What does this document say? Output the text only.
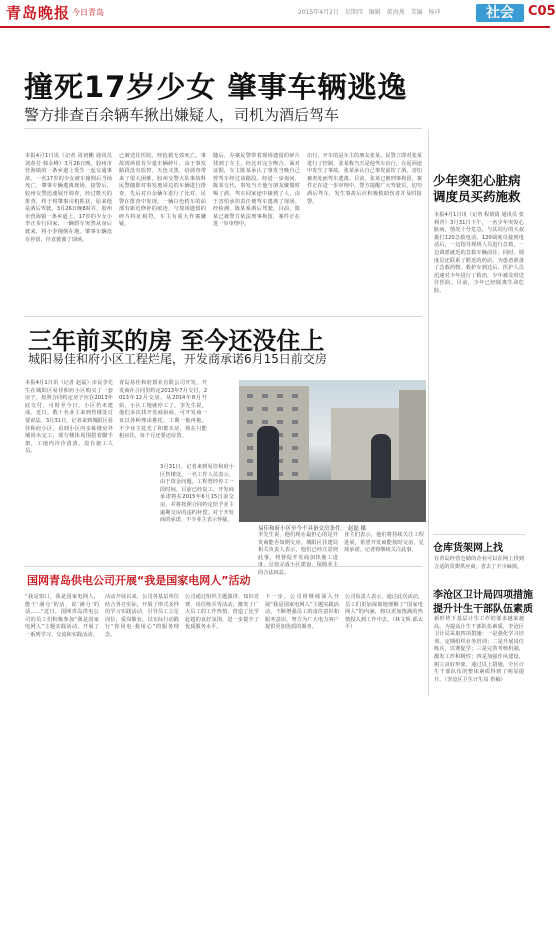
青岛晚报 今日青岛	2015年4月2日 星期四 编辑 董海燕 美编 杨冲	社会	C05
撞死17岁少女 肇事车辆逃逸
警方排查百余辆车揪出嫌疑人，司机为酒后驾车
本报4月1日讯（记者 周初鹏 通讯员 刘春芳 韩永峰）3月26日晚，胶州市营海镇的一条乡道上发生一起交通事故，一名17岁的少女被车撞倒后当场死亡，肇事车辆逃离现场。接警后，胶州交警迅速展开调查，经过数天的排查，终于将肇事司机抓获，原来他是酒后驾驶。3月26日晚8时许，胶州市营海镇一条乡道上，17岁的少女小李正步行回家，一辆轿车突然从身后驶来，将小李撞倒在地。肇事车辆没有停留，径直驶离了现场。
已被送往医院，经抢救无效死亡。事故现场留有少量车辆碎片，由于事发路段没有监控，天色又黑，给调查带来了很大困难。胶州交警大队事故科民警随即对事发地周边的车辆进行排查，先后对百余辆车进行了比对。民警在排查中发现，一辆白色轿车的前部有新近修补的痕迹，与现场遗留的碎片特征相符，车主有重大作案嫌疑。
随后，办案民警带着现场遗留的碎片找到了车主，经比对完全吻合。面对证据，车主陈某承认了事发当晚自己曾驾车经过该路段。经进一步询问，陈某交代，事发当天他与朋友聚餐时喝了酒，驾车回家途中撞到了人，由于害怕承担责任便驾车逃离了现场。经检测，陈某系酒后驾驶。目前，陈某已被警方依法刑事拘留，案件正在进一步审理中。
出行，开车的是车主的朋友张某。民警立即对张某进行了控制，张某称当天是他驾车出行，在返回途中发生了事故。张某承认自己事发前饮了酒，害怕被查处而驾车逃离。目前，张某已被刑事拘留，案件正在进一步审理中。警方提醒广大驾驶员，切勿酒后驾车，发生事故后应积极救助伤者并及时报警。
三年前买的房 至今还没住上
城阳易佳和府小区工程烂尾，开发商承诺6月15日前交房
本报4月1日讯（记者 赵磊）市民李先生在城阳区易佳和府小区购买了一套房子，按照合同约定房子应在2013年底交付，可时至今日，小区仍未建成。近日，数十名业主来到售楼处讨要说法。3月31日，记者来到城阳区易佳和府小区，看到小区内多栋楼房外墙尚未完工，部分楼体周围搭着脚手架，工地内冷冷清清，没有施工人员。
青岛易佳和府置业有限公司开发，开发商在合同里约定2013年7月交付，2013年12月交房。从2014年8月开始，小区工地就停工了。李先生说，他们多次找开发商协商，可开发商一直以各种理由推托，工期一拖再拖。不少业主花光了积蓄买房，现在只能租房住，每个月还要还房贷。
3月31日，记者来到易佳和府小区售楼处，一名工作人员表示，由于资金问题，工程曾经停工一段时间，目前已经复工，开发商承诺将在2015年6月15日前交房，并将按照合同约定给予业主逾期交房的违约补偿。对于开发商的承诺，不少业主表示怀疑。
李先生说，他们现在最担心的是开发商能否如期交房。城阳区住建局相关负责人表示，他们已经注意到此事，将督促开发商加快施工进 的合法权益。
业主们表示，他们将持续关注工程进展，希望开发商能按时交房，兑现承诺。记者将继续关注此事。
易佳和府小区至今不具备交房条件。 赵磊 摄
国网青岛供电公司开展“我是国家电网人”活动
“我是窗口，我是国家电网人，能干‘满分’的活，说‘满分’的话……”近日，国网青岛供电公司的员工们积极参加“我是国家电网人”主题实践活动，开展了一系列学习、交流和实践活动。
活动开展以来，公司各基层单位结合各自实际，开展了形式多样的学习实践活动，引导员工立足岗位，爱岗敬业，以实际行动践行“你用电·我用心”的服务理念。
公司通过组织主题演讲、知识竞赛、岗位练兵等活动，激发了广大员工的工作热情，营造了比学赶超的良好氛围，进一步提升了优质服务水平。
下一步，公司将继续深入开展“我是国家电网人”主题实践活动，不断增强员工的责任意识和服务意识，努力为广大电力客户提供更加优质的服务。
公司负责人表示，通过此次活动，员工们更加深刻地理解了“国家电网人”的内涵，将以更加饱满的热情投入到工作中去。（林文辉 邱太平）
少年突犯心脏病
调度员买药施救
本报4月1日讯（记者 程倩倩 通讯员 张利青）3月31日下午，一名少年突发心脏病，情况十分危急，与其同行的大叔拨打120急救电话。120调度员接到电话后，一边指导现场人员进行急救，一边调派就近的急救车辆前往。同时，调度员还联系了附近的药店，为患者准备了急救药物。救护车到达后，医护人员迅速对少年进行了救治，少年被及时送往医院。目前，少年已经脱离生命危险。
仓库货架网上找
在青岛经营仓储的企业可以在网上找到合适的货架供应商，省去了不少麻烦。
李沧区卫计局四项措施
提升计生干部队伍素质
新形势下基层计生工作的要求越来越高，为提高计生干部队伍素质，李沧区卫计局采取四项措施：一是强化学习培训，定期组织业务培训；二是开展岗位练兵，以赛促学；三是完善考核机制，激发工作积极性；四是加强作风建设，树立良好形象。通过以上措施，全区计生干部队伍的整体素质得到了明显提升。（李沧区卫生计生局 供稿）
